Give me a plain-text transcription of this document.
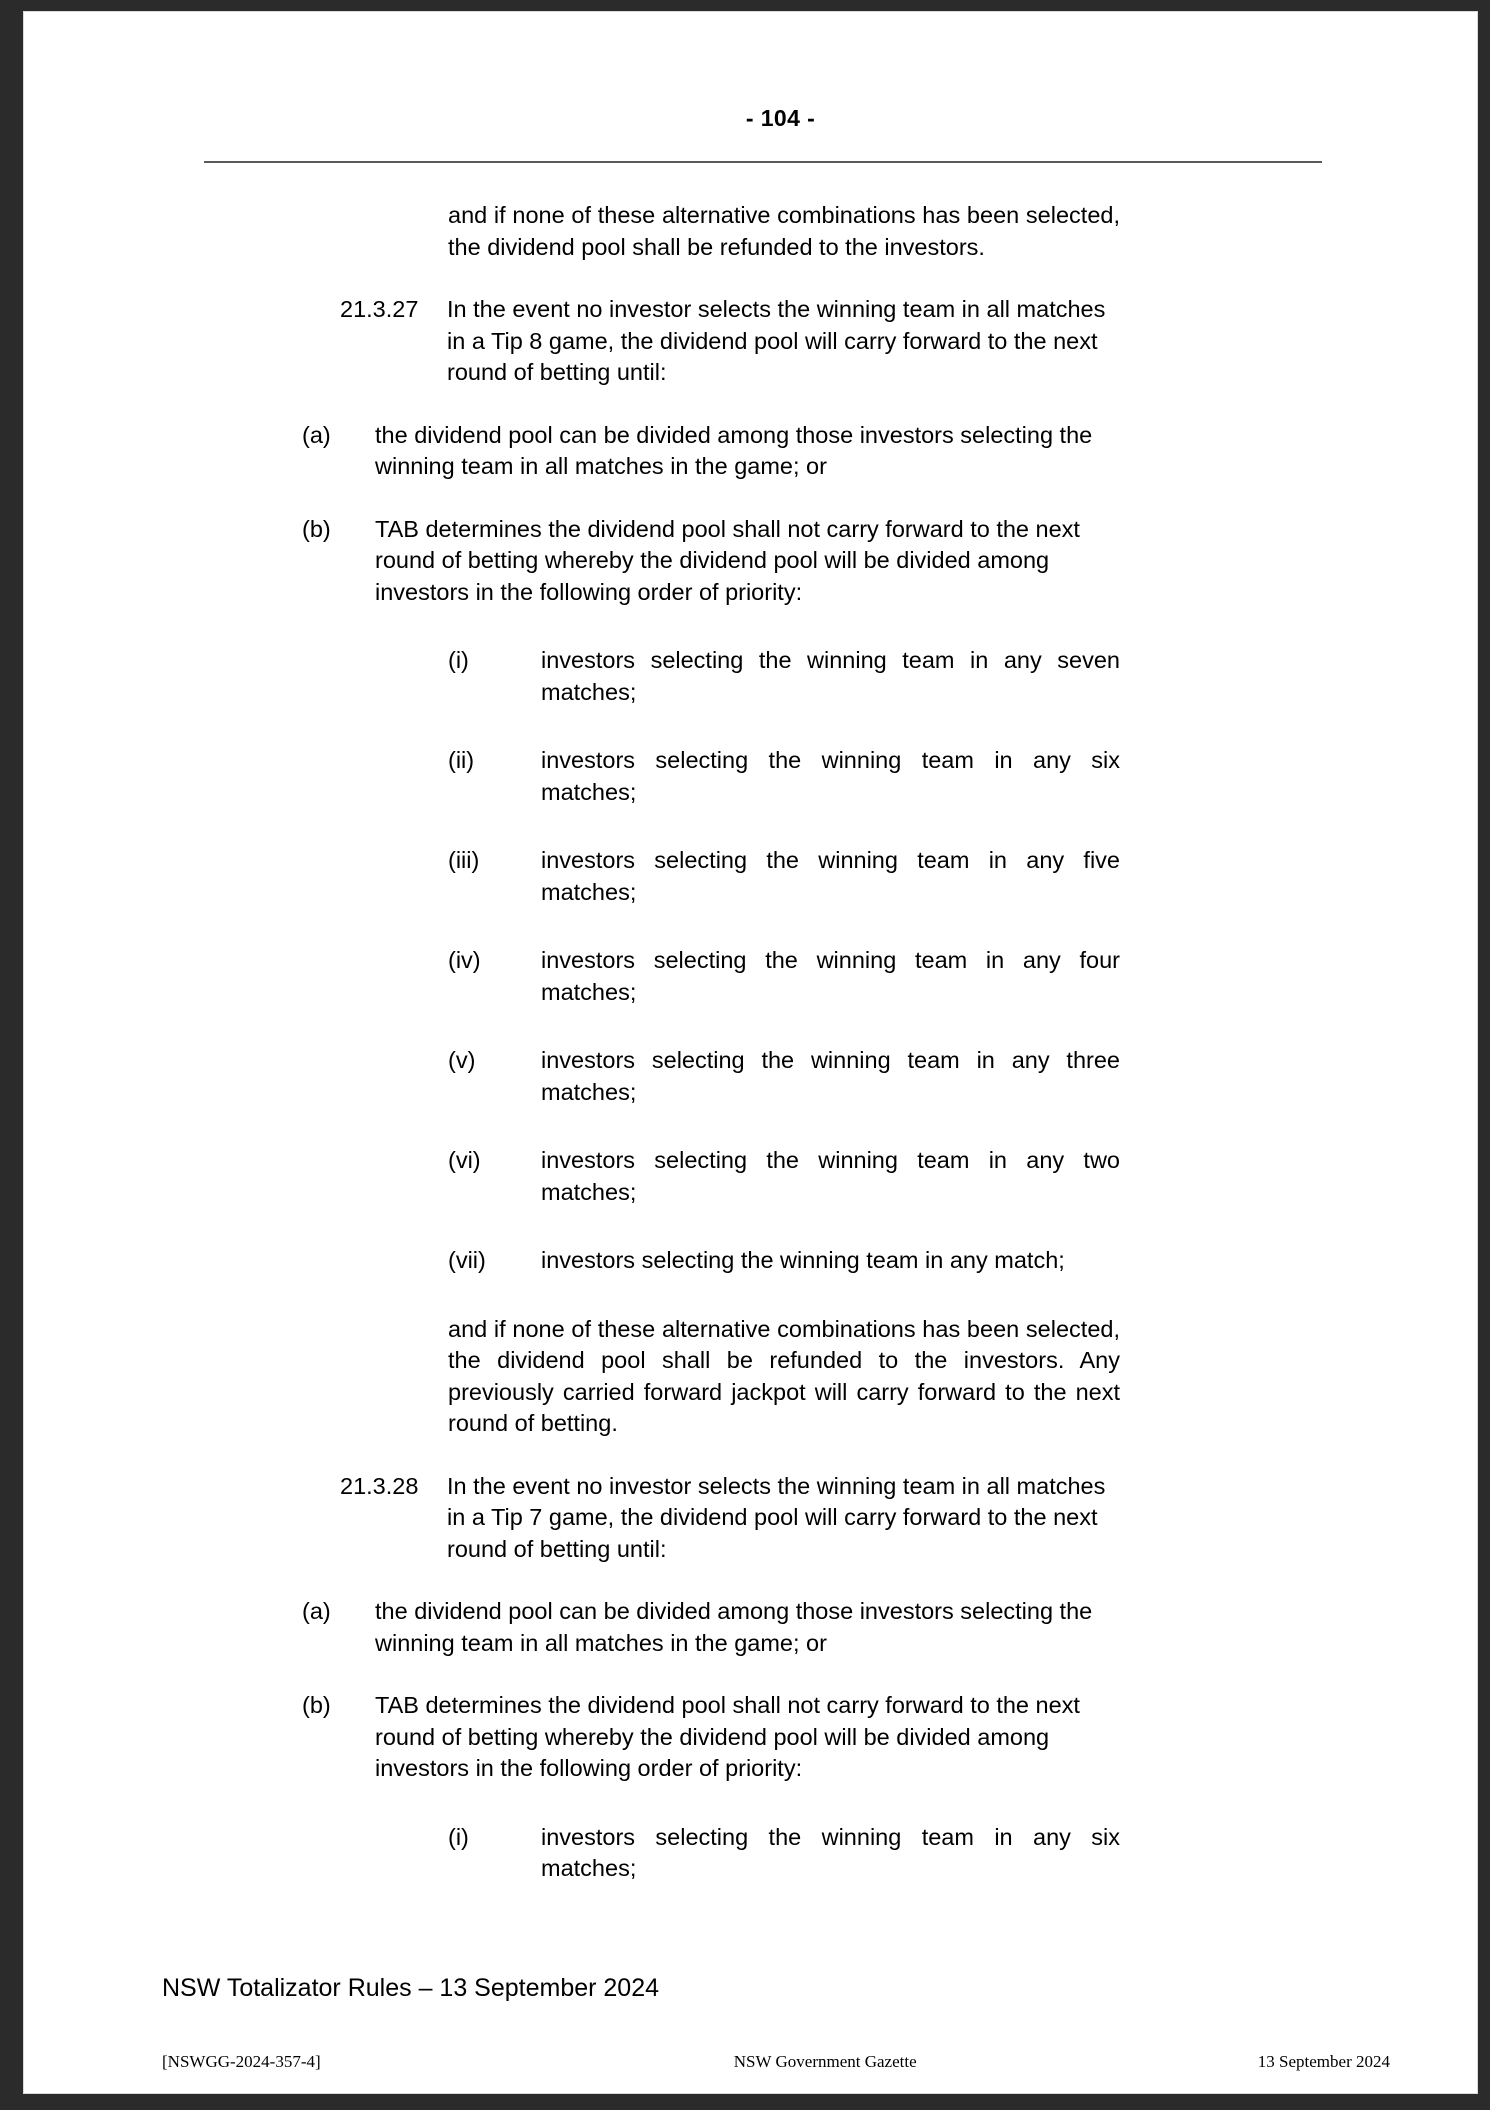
- 104 -
and if none of these alternative combinations has been selected, the dividend pool shall be refunded to the investors.
21.3.27	In the event no investor selects the winning team in all matches in a Tip 8 game, the dividend pool will carry forward to the next round of betting until:
(a)	the dividend pool can be divided among those investors selecting the winning team in all matches in the game; or
(b)	TAB determines the dividend pool shall not carry forward to the next round of betting whereby the dividend pool will be divided among investors in the following order of priority:
(i)	investors selecting the winning team in any seven matches;
(ii)	investors selecting the winning team in any six matches;
(iii)	investors selecting the winning team in any five matches;
(iv)	investors selecting the winning team in any four matches;
(v)	investors selecting the winning team in any three matches;
(vi)	investors selecting the winning team in any two matches;
(vii)	investors selecting the winning team in any match;
and if none of these alternative combinations has been selected, the dividend pool shall be refunded to the investors. Any previously carried forward jackpot will carry forward to the next round of betting.
21.3.28	In the event no investor selects the winning team in all matches in a Tip 7 game, the dividend pool will carry forward to the next round of betting until:
(a)	the dividend pool can be divided among those investors selecting the winning team in all matches in the game; or
(b)	TAB determines the dividend pool shall not carry forward to the next round of betting whereby the dividend pool will be divided among investors in the following order of priority:
(i)	investors selecting the winning team in any six matches;
NSW Totalizator Rules – 13 September 2024
[NSWGG-2024-357-4]	NSW Government Gazette	13 September 2024
